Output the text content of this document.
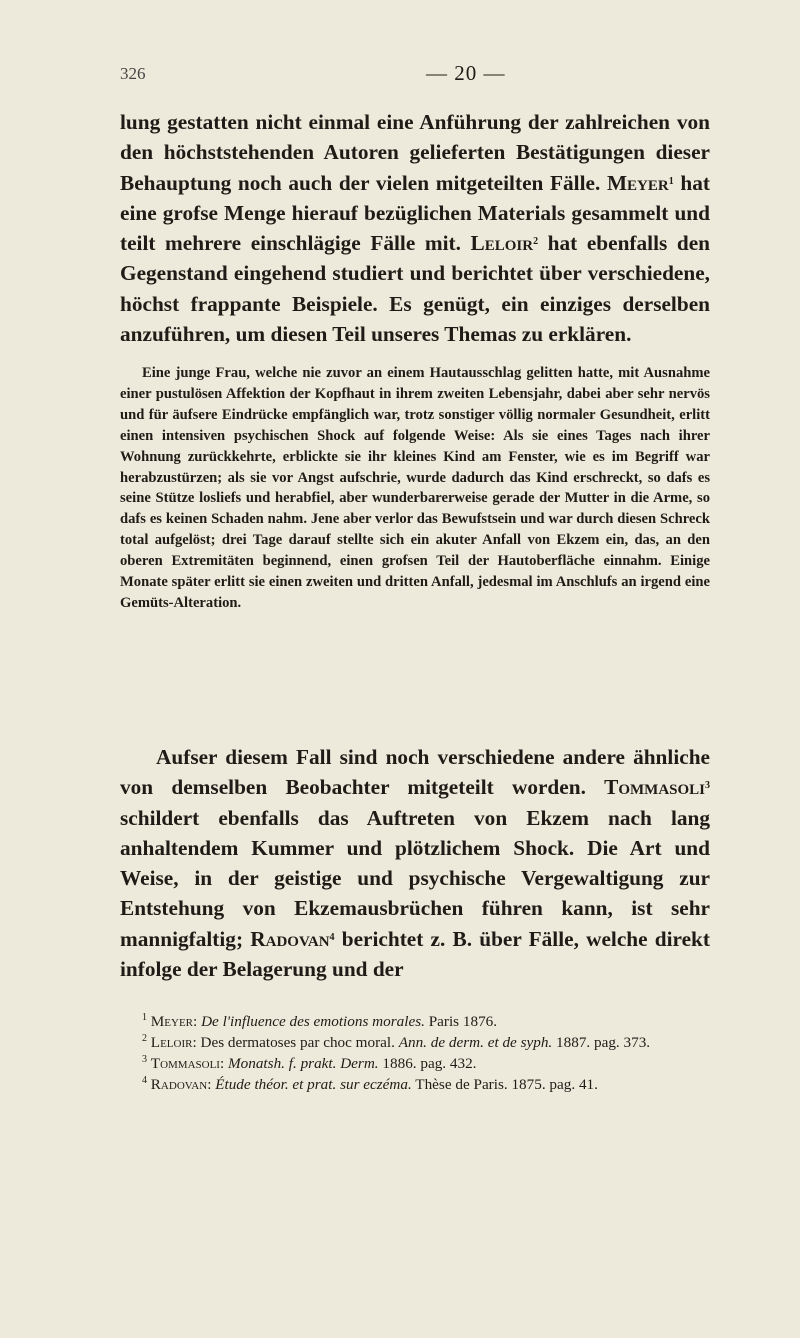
326	— 20 —

lung gestatten nicht einmal eine Anführung der zahlreichen von den höchststehenden Autoren gelieferten Bestätigungen dieser Behauptung noch auch der vielen mitgeteilten Fälle. Meyer$^1$ hat eine grofse Menge hierauf bezüglichen Materials gesammelt und teilt mehrere einschlägige Fälle mit. Leloir$^2$ hat ebenfalls den Gegenstand eingehend studiert und berichtet über verschiedene, höchst frappante Beispiele. Es genügt, ein einziges derselben anzuführen, um diesen Teil unseres Themas zu erklären.

Eine junge Frau, welche nie zuvor an einem Hautausschlag gelitten hatte, mit Ausnahme einer pustulösen Affektion der Kopfhaut in ihrem zweiten Lebensjahr, dabei aber sehr nervös und für äufsere Eindrücke empfänglich war, trotz sonstiger völlig normaler Gesundheit, erlitt einen intensiven psychischen Shock auf folgende Weise: Als sie eines Tages nach ihrer Wohnung zurückkehrte, erblickte sie ihr kleines Kind am Fenster, wie es im Begriff war herabzustürzen; als sie vor Angst aufschrie, wurde dadurch das Kind erschreckt, so dafs es seine Stütze losliefs und herabfiel, aber wunderbarerweise gerade der Mutter in die Arme, so dafs es keinen Schaden nahm. Jene aber verlor das Bewufstsein und war durch diesen Schreck total aufgelöst; drei Tage darauf stellte sich ein akuter Anfall von Ekzem ein, das, an den oberen Extremitäten beginnend, einen grofsen Teil der Hautoberfläche einnahm. Einige Monate später erlitt sie einen zweiten und dritten Anfall, jedesmal im Anschlufs an irgend eine Gemüts-Alteration.

Aufser diesem Fall sind noch verschiedene andere ähnliche von demselben Beobachter mitgeteilt worden. Tommasoli$^3$ schildert ebenfalls das Auftreten von Ekzem nach lang anhaltendem Kummer und plötzlichem Shock. Die Art und Weise, in der geistige und psychische Vergewaltigung zur Entstehung von Ekzemausbrüchen führen kann, ist sehr mannigfaltig; Radovan$^4$ berichtet z. B. über Fälle, welche direkt infolge der Belagerung und der

$^1$ Meyer: De l'influence des emotions morales. Paris 1876.

$^2$ Leloir: Des dermatoses par choc moral. Ann. de derm. et de syph. 1887. pag. 373.

$^3$ Tommasoli: Monatsh. f. prakt. Derm. 1886. pag. 432.

$^4$ Radovan: Étude théor. et prat. sur eczéma. Thèse de Paris. 1875. pag. 41.
